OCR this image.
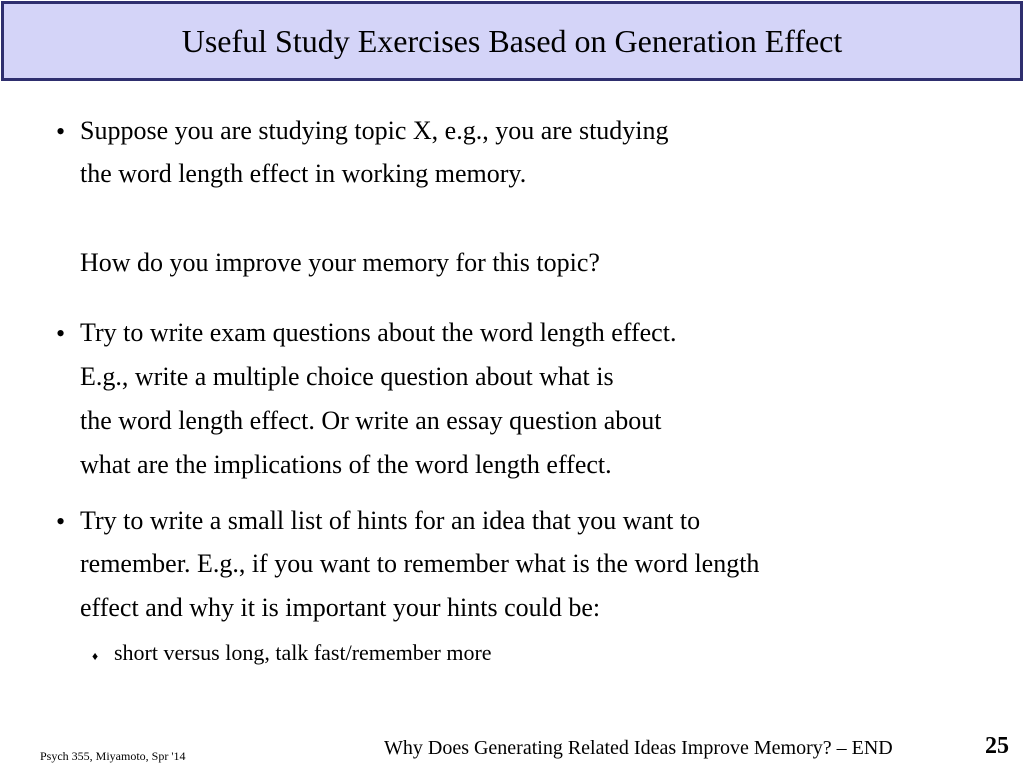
Useful Study Exercises Based on Generation Effect
• Suppose you are studying topic X, e.g., you are studying
the word length effect in working memory.
How do you improve your memory for this topic?
• Try to write exam questions about the word length effect.
E.g., write a multiple choice question about what is
the word length effect. Or write an essay question about
what are the implications of the word length effect.
• Try to write a small list of hints for an idea that you want to
remember. E.g., if you want to remember what is the word length
effect and why it is important your hints could be:
♦ short versus long, talk fast/remember more
Psych 355, Miyamoto, Spr '14	Why Does Generating Related Ideas Improve Memory? – END	25
